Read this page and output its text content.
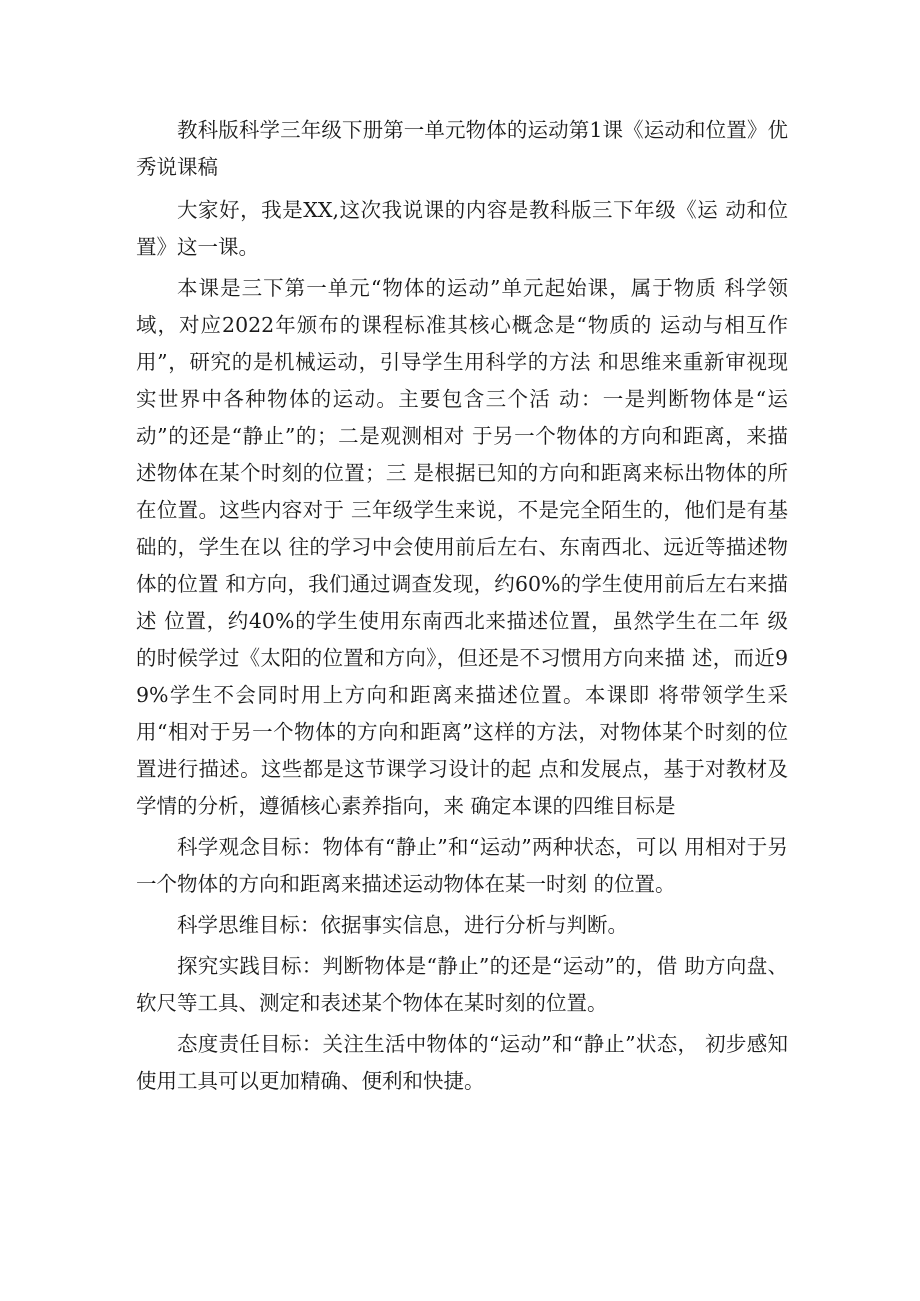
教科版科学三年级下册第一单元物体的运动第1课《运动和位置》优秀说课稿

大家好，我是XX,这次我说课的内容是教科版三下年级《运 动和位置》这一课。

本课是三下第一单元“物体的运动”单元起始课，属于物质 科学领域，对应2022年颁布的课程标准其核心概念是“物质的 运动与相互作用”，研究的是机械运动，引导学生用科学的方法 和思维来重新审视现实世界中各种物体的运动。主要包含三个活 动：一是判断物体是“运动”的还是“静止”的；二是观测相对 于另一个物体的方向和距离，来描述物体在某个时刻的位置；三 是根据已知的方向和距离来标出物体的所在位置。这些内容对于 三年级学生来说，不是完全陌生的，他们是有基础的，学生在以 往的学习中会使用前后左右、东南西北、远近等描述物体的位置 和方向，我们通过调查发现，约60%的学生使用前后左右来描述 位置，约40%的学生使用东南西北来描述位置，虽然学生在二年 级的时候学过《太阳的位置和方向》，但还是不习惯用方向来描 述，而近99%学生不会同时用上方向和距离来描述位置。本课即 将带领学生采用“相对于另一个物体的方向和距离”这样的方法，对物体某个时刻的位置进行描述。这些都是这节课学习设计的起 点和发展点，基于对教材及学情的分析，遵循核心素养指向，来 确定本课的四维目标是

科学观念目标：物体有“静止”和“运动”两种状态，可以 用相对于另一个物体的方向和距离来描述运动物体在某一时刻 的位置。

科学思维目标：依据事实信息，进行分析与判断。

探究实践目标：判断物体是“静止”的还是“运动”的，借 助方向盘、软尺等工具、测定和表述某个物体在某时刻的位置。

态度责任目标：关注生活中物体的“运动”和“静止”状态， 初步感知使用工具可以更加精确、便利和快捷。
